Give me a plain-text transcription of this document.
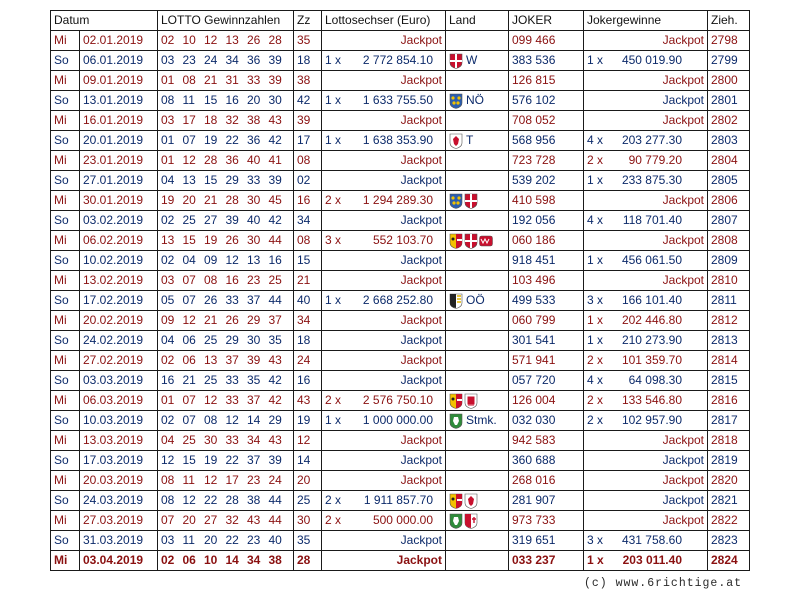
Datum		LOTTO Gewinnzahlen	Zz	Lottosechser (Euro)	Land	JOKER	Jokergewinne	Zieh.
Mi	02.01.2019	02 10 12 13 26 28	35	Jackpot		099 466	Jackpot	2798
So	06.01.2019	03 23 24 34 36 39	18	1 x 2 772 854.10	W	383 536	1 x 450 019.90	2799
Mi	09.01.2019	01 08 21 31 33 39	38	Jackpot		126 815	Jackpot	2800
So	13.01.2019	08 11 15 16 20 30	42	1 x 1 633 755.50	NÖ	576 102	Jackpot	2801
Mi	16.01.2019	03 17 18 32 38 43	39	Jackpot		708 052	Jackpot	2802
So	20.01.2019	01 07 19 22 36 42	17	1 x 1 638 353.90	T	568 956	4 x 203 277.30	2803
Mi	23.01.2019	01 12 28 36 40 41	08	Jackpot		723 728	2 x 90 779.20	2804
So	27.01.2019	04 13 15 29 33 39	02	Jackpot		539 202	1 x 233 875.30	2805
Mi	30.01.2019	19 20 21 28 30 45	16	2 x 1 294 289.30		410 598	Jackpot	2806
So	03.02.2019	02 25 27 39 40 42	34	Jackpot		192 056	4 x 118 701.40	2807
Mi	06.02.2019	13 15 19 26 30 44	08	3 x 552 103.70		060 186	Jackpot	2808
So	10.02.2019	02 04 09 12 13 16	15	Jackpot		918 451	1 x 456 061.50	2809
Mi	13.02.2019	03 07 08 16 23 25	21	Jackpot		103 496	Jackpot	2810
So	17.02.2019	05 07 26 33 37 44	40	1 x 2 668 252.80	OÖ	499 533	3 x 166 101.40	2811
Mi	20.02.2019	09 12 21 26 29 37	34	Jackpot		060 799	1 x 202 446.80	2812
So	24.02.2019	04 06 25 29 30 35	18	Jackpot		301 541	1 x 210 273.90	2813
Mi	27.02.2019	02 06 13 37 39 43	24	Jackpot		571 941	2 x 101 359.70	2814
So	03.03.2019	16 21 25 33 35 42	16	Jackpot		057 720	4 x 64 098.30	2815
Mi	06.03.2019	01 07 12 33 37 42	43	2 x 2 576 750.10		126 004	2 x 133 546.80	2816
So	10.03.2019	02 07 08 12 14 29	19	1 x 1 000 000.00	Stmk.	032 030	2 x 102 957.90	2817
Mi	13.03.2019	04 25 30 33 34 43	12	Jackpot		942 583	Jackpot	2818
So	17.03.2019	12 15 19 22 37 39	14	Jackpot		360 688	Jackpot	2819
Mi	20.03.2019	08 11 12 17 23 24	20	Jackpot		268 016	Jackpot	2820
So	24.03.2019	08 12 22 28 38 44	25	2 x 1 911 857.70		281 907	Jackpot	2821
Mi	27.03.2019	07 20 27 32 43 44	30	2 x 500 000.00		973 733	Jackpot	2822
So	31.03.2019	03 11 20 22 23 40	35	Jackpot		319 651	3 x 431 758.60	2823
Mi	03.04.2019	02 06 10 14 34 38	28	Jackpot		033 237	1 x 203 011.40	2824
(c) www.6richtige.at
